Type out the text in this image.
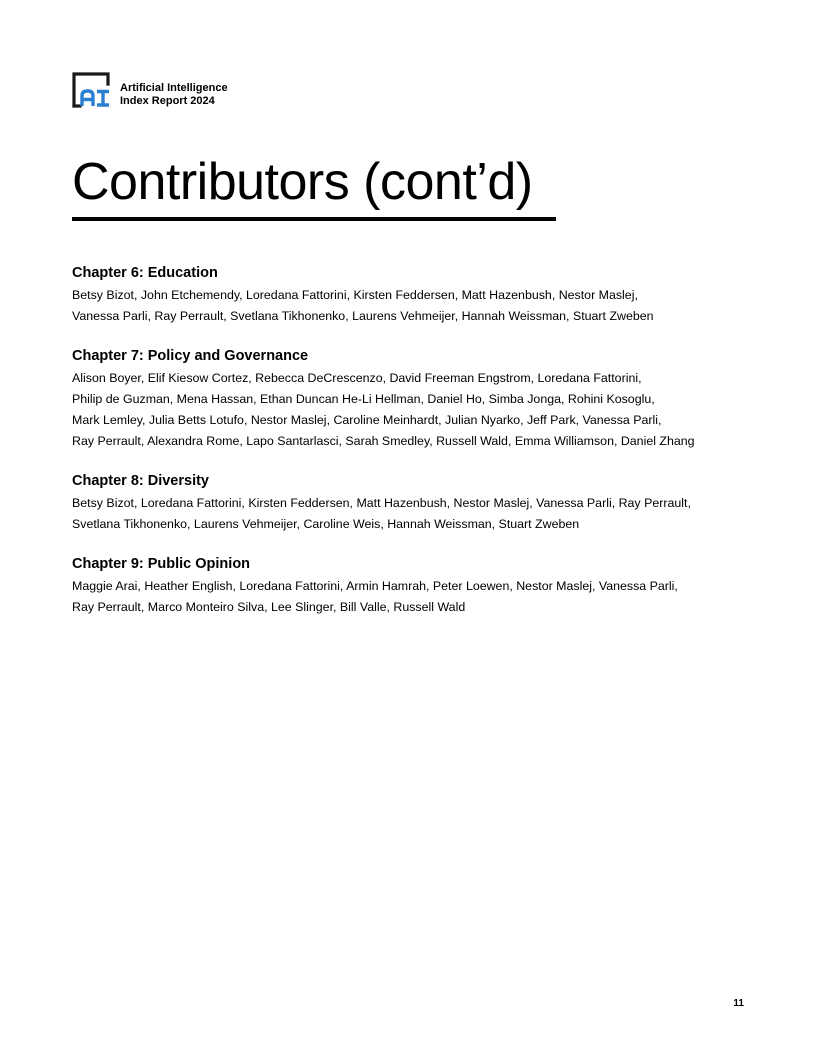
Artificial Intelligence
Index Report 2024
Contributors (cont’d)
Chapter 6: Education

Betsy Bizot, John Etchemendy, Loredana Fattorini, Kirsten Feddersen, Matt Hazenbush, Nestor Maslej,
Vanessa Parli, Ray Perrault, Svetlana Tikhonenko, Laurens Vehmeijer, Hannah Weissman, Stuart Zweben

Chapter 7: Policy and Governance

Alison Boyer, Elif Kiesow Cortez, Rebecca DeCrescenzo, David Freeman Engstrom, Loredana Fattorini,
Philip de Guzman, Mena Hassan, Ethan Duncan He-Li Hellman, Daniel Ho, Simba Jonga, Rohini Kosoglu,
Mark Lemley, Julia Betts Lotufo, Nestor Maslej, Caroline Meinhardt, Julian Nyarko, Jeff Park, Vanessa Parli,
Ray Perrault, Alexandra Rome, Lapo Santarlasci, Sarah Smedley, Russell Wald, Emma Williamson, Daniel Zhang

Chapter 8: Diversity

Betsy Bizot, Loredana Fattorini, Kirsten Feddersen, Matt Hazenbush, Nestor Maslej, Vanessa Parli, Ray Perrault,
Svetlana Tikhonenko, Laurens Vehmeijer, Caroline Weis, Hannah Weissman, Stuart Zweben

Chapter 9: Public Opinion

Maggie Arai, Heather English, Loredana Fattorini, Armin Hamrah, Peter Loewen, Nestor Maslej, Vanessa Parli,
Ray Perrault, Marco Monteiro Silva, Lee Slinger, Bill Valle, Russell Wald

11
